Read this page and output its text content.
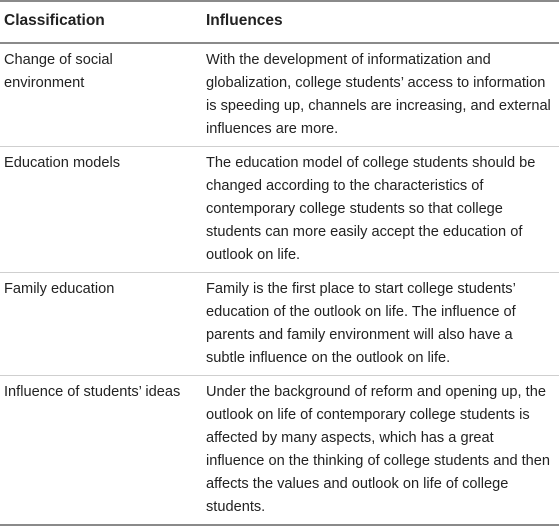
Classification	Influences
Change of social environment	With the development of informatization and globalization, college students’ access to information is speeding up, channels are increasing, and external influences are more.
Education models	The education model of college students should be changed according to the characteristics of contemporary college students so that college students can more easily accept the education of outlook on life.
Family education	Family is the first place to start college students’ education of the outlook on life. The influence of parents and family environment will also have a subtle influence on the outlook on life.
Influence of students’ ideas	Under the background of reform and opening up, the outlook on life of contemporary college students is affected by many aspects, which has a great influence on the thinking of college students and then affects the values and outlook on life of college students.
